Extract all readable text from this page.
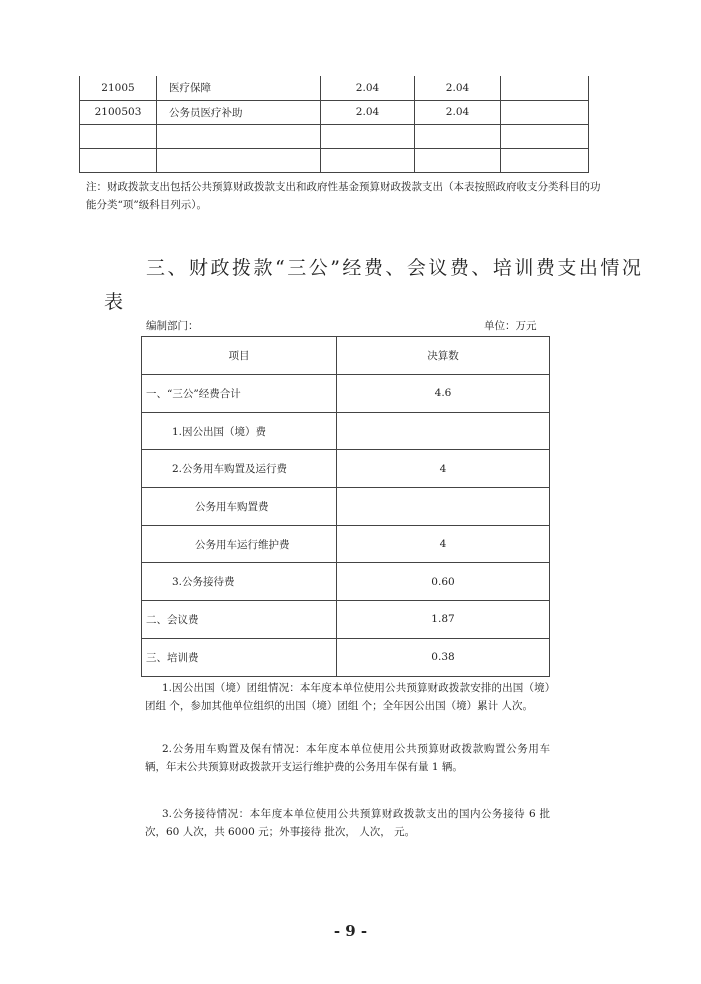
21005	医疗保障	2.04	2.04	
2100503	公务员医疗补助	2.04	2.04	

注：财政拨款支出包括公共预算财政拨款支出和政府性基金预算财政拨款支出（本表按照政府收支分类科目的功能分类“项”级科目列示）。

三、财政拨款“三公”经费、会议费、培训费支出情况
表
编制部门：	单位：万元
项目	决算数
一、“三公”经费合计	4.6
1.因公出国（境）费	
2.公务用车购置及运行费	4
公务用车购置费	
公务用车运行维护费	4
3.公务接待费	0.60
二、会议费	1.87
三、培训费	0.38

1.因公出国（境）团组情况：本年度本单位使用公共预算财政拨款安排的出国（境）团组 个，参加其他单位组织的出国（境）团组 个；全年因公出国（境）累计 人次。

2.公务用车购置及保有情况：本年度本单位使用公共预算财政拨款购置公务用车 辆，年末公共预算财政拨款开支运行维护费的公务用车保有量 1 辆。

3.公务接待情况：本年度本单位使用公共预算财政拨款支出的国内公务接待 6 批次，60 人次，共 6000 元；外事接待 批次， 人次， 元。

- 9 -
